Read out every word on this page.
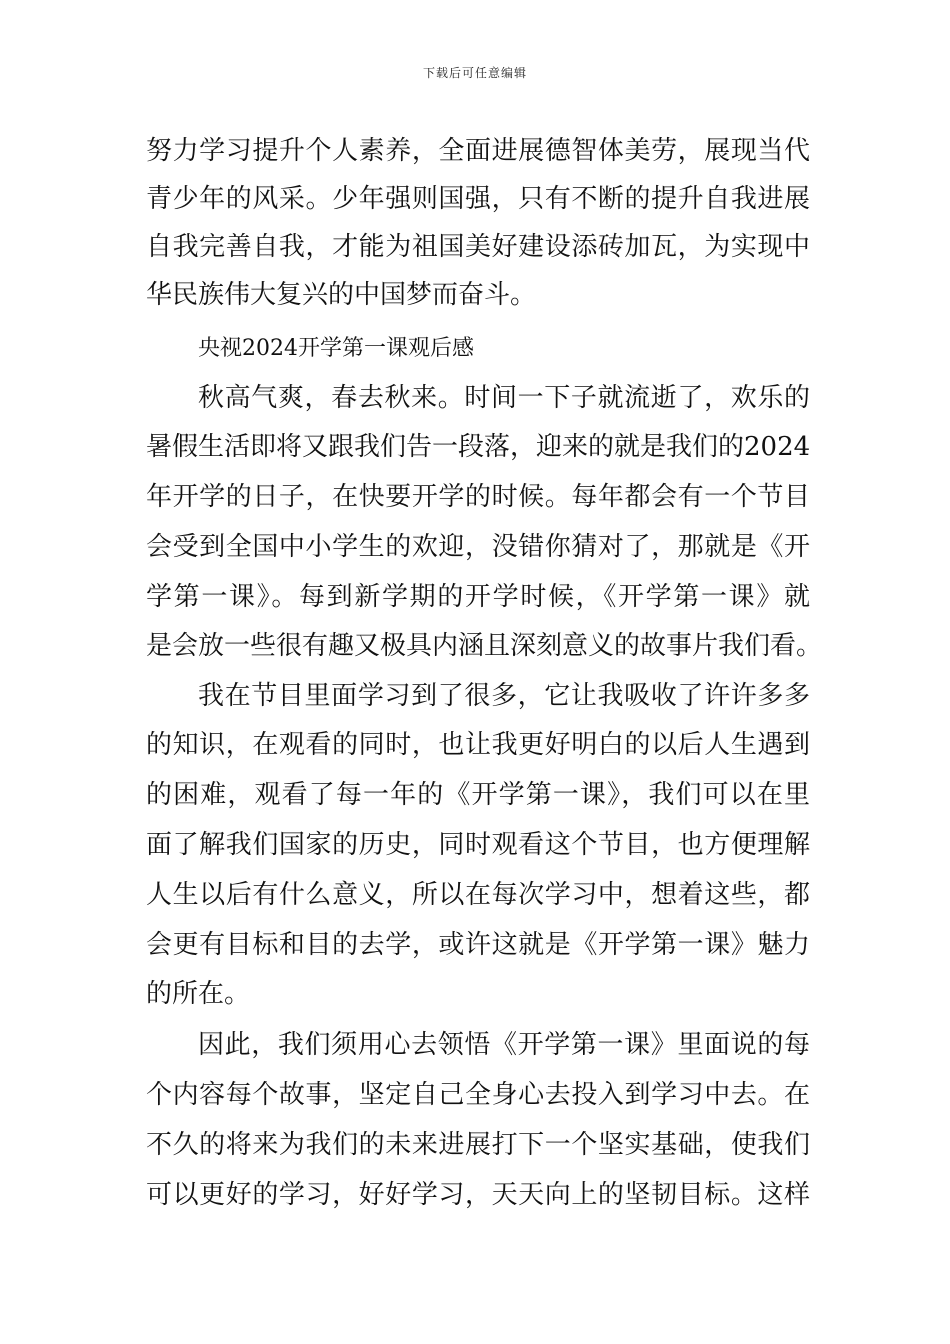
下载后可任意编辑
努力学习提升个人素养，全面进展德智体美劳，展现当代
青少年的风采。少年强则国强，只有不断的提升自我进展
自我完善自我，才能为祖国美好建设添砖加瓦，为实现中
华民族伟大复兴的中国梦而奋斗。
央视2024开学第一课观后感
秋高气爽，春去秋来。时间一下子就流逝了，欢乐的
暑假生活即将又跟我们告一段落，迎来的就是我们的2024
年开学的日子，在快要开学的时候。每年都会有一个节目
会受到全国中小学生的欢迎，没错你猜对了，那就是《开
学第一课》。每到新学期的开学时候，《开学第一课》就
是会放一些很有趣又极具内涵且深刻意义的故事片我们看。
我在节目里面学习到了很多，它让我吸收了许许多多
的知识，在观看的同时，也让我更好明白的以后人生遇到
的困难，观看了每一年的《开学第一课》，我们可以在里
面了解我们国家的历史，同时观看这个节目，也方便理解
人生以后有什么意义，所以在每次学习中，想着这些，都
会更有目标和目的去学，或许这就是《开学第一课》魅力
的所在。
因此，我们须用心去领悟《开学第一课》里面说的每
个内容每个故事，坚定自己全身心去投入到学习中去。在
不久的将来为我们的未来进展打下一个坚实基础，使我们
可以更好的学习，好好学习，天天向上的坚韧目标。这样
